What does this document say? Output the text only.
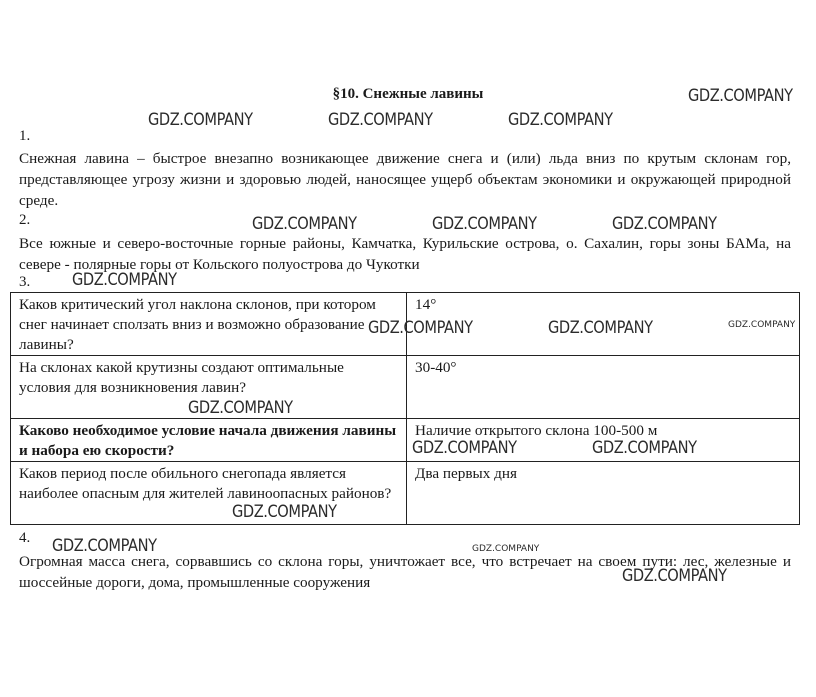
§10. Снежные лавины
1.
Снежная лавина – быстрое внезапно возникающее движение снега и (или) льда вниз по крутым склонам гор, представляющее угрозу жизни и здоровью людей, наносящее ущерб объектам экономики и окружающей природной среде.
2.
Все южные и северо-восточные горные районы, Камчатка, Курильские острова, о. Сахалин, горы зоны БАМа, на севере - полярные горы от Кольского полуострова до Чукотки
3.
Каков критический угол наклона склонов, при котором снег начинает сползать вниз и возможно образование лавины?	14°
На склонах какой крутизны создают оптимальные условия для возникновения лавин?	30-40°
Каково необходимое условие начала движения лавины и набора ею скорости?	Наличие открытого склона 100-500 м
Каков период после обильного снегопада является наиболее опасным для жителей лавиноопасных районов?	Два первых дня
4.
Огромная масса снега, сорвавшись со склона горы, уничтожает все, что встречает на своем пути: лес, железные и шоссейные дороги, дома, промышленные сооружения
GDZ.COMPANY
GDZ.COMPANY	GDZ.COMPANY	GDZ.COMPANY
GDZ.COMPANY	GDZ.COMPANY	GDZ.COMPANY
GDZ.COMPANY
GDZ.COMPANY	GDZ.COMPANY	GDZ.COMPANY
GDZ.COMPANY
GDZ.COMPANY	GDZ.COMPANY
GDZ.COMPANY
GDZ.COMPANY	GDZ.COMPANY
GDZ.COMPANY
